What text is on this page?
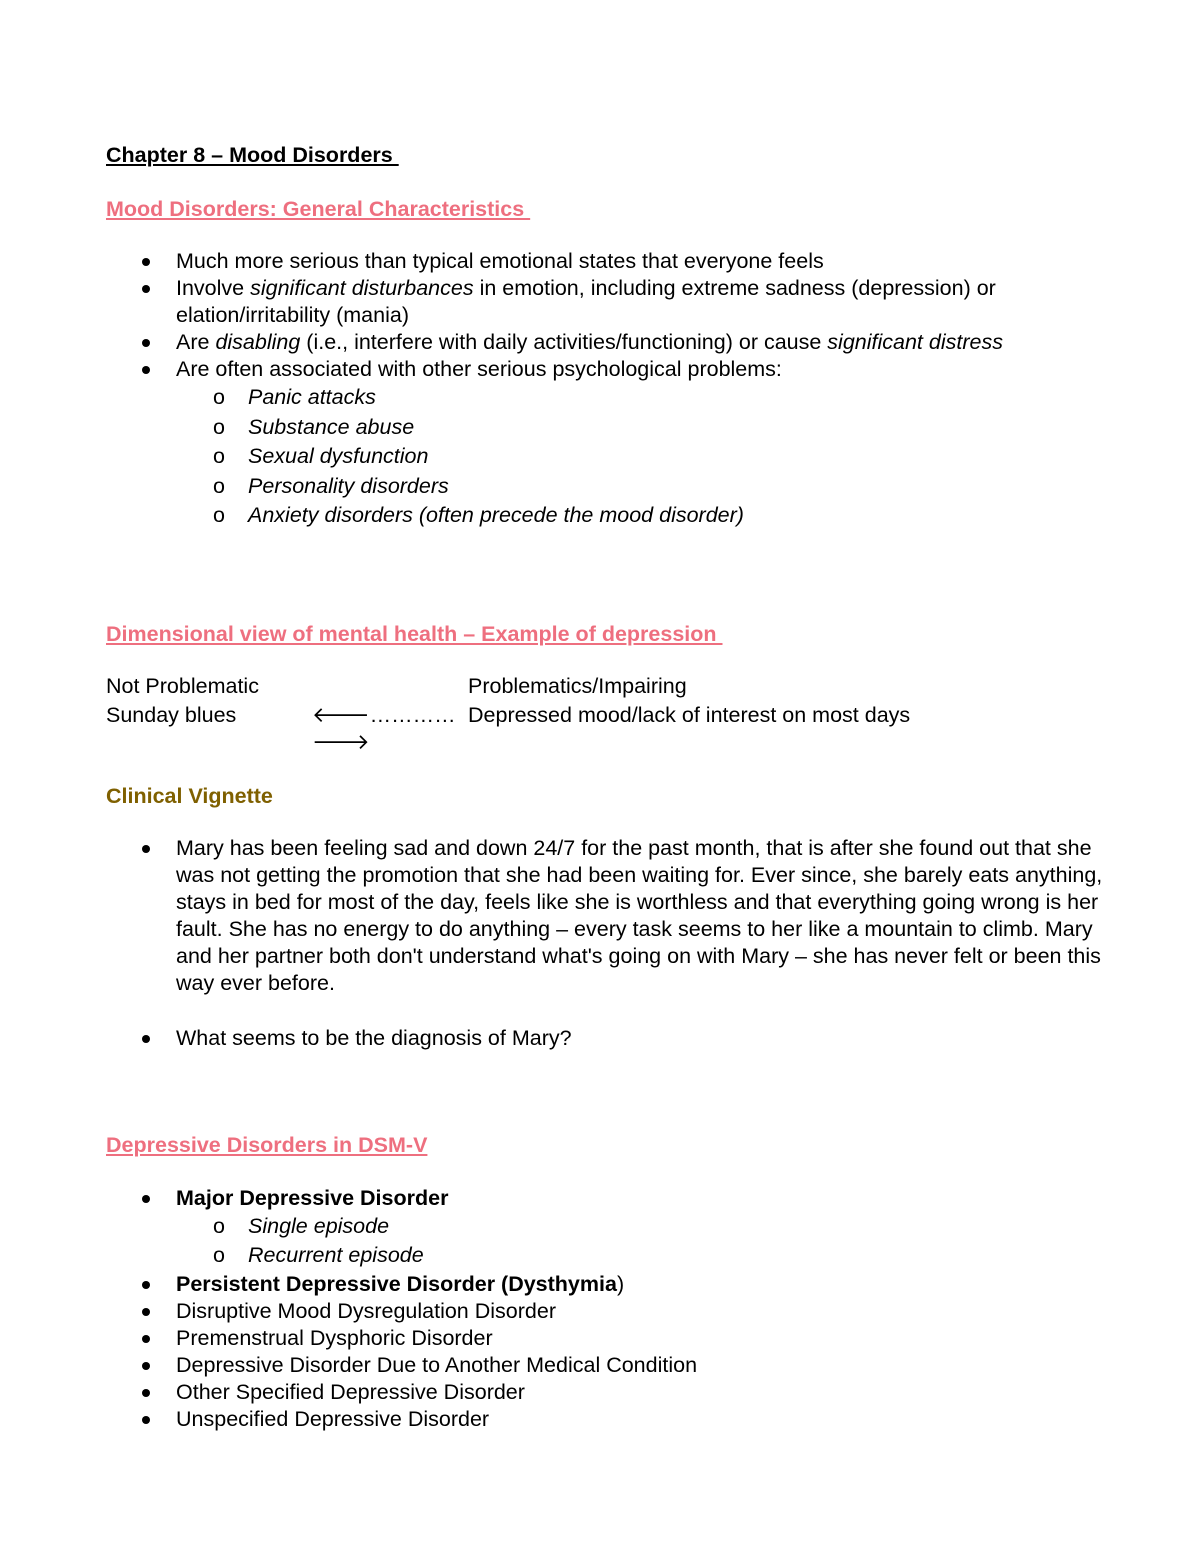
Chapter 8 – Mood Disorders

Mood Disorders: General Characteristics

Much more serious than typical emotional states that everyone feels
Involve significant disturbances in emotion, including extreme sadness (depression) or elation/irritability (mania)
Are disabling (i.e., interfere with daily activities/functioning) or cause significant distress
Are often associated with other serious psychological problems:
o Panic attacks
o Substance abuse
o Sexual dysfunction
o Personality disorders
o Anxiety disorders (often precede the mood disorder)

Dimensional view of mental health – Example of depression

Not Problematic	Problematics/Impairing
Sunday blues	🡐…………🡒
Depressed mood/lack of interest on most days

Clinical Vignette

Mary has been feeling sad and down 24/7 for the past month, that is after she found out that she was not getting the promotion that she had been waiting for. Ever since, she barely eats anything, stays in bed for most of the day, feels like she is worthless and that everything going wrong is her fault. She has no energy to do anything – every task seems to her like a mountain to climb. Mary and her partner both don't understand what's going on with Mary – she has never felt or been this way ever before.
What seems to be the diagnosis of Mary?

Depressive Disorders in DSM-V

Major Depressive Disorder
o Single episode
o Recurrent episode
Persistent Depressive Disorder (Dysthymia)
Disruptive Mood Dysregulation Disorder
Premenstrual Dysphoric Disorder
Depressive Disorder Due to Another Medical Condition
Other Specified Depressive Disorder
Unspecified Depressive Disorder
